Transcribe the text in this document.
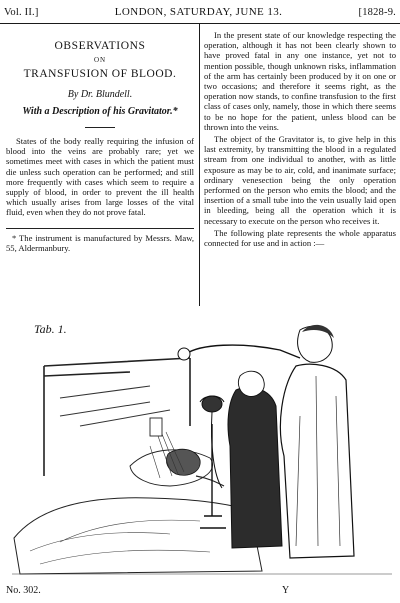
Vol. II.]	LONDON, SATURDAY, JUNE 13.	[1828-9.
OBSERVATIONS
ON
TRANSFUSION OF BLOOD.
By Dr. Blundell.
With a Description of his Gravitator.*

States of the body really requiring the infusion of blood into the veins are probably rare; yet we sometimes meet with cases in which the patient must die unless such operation can be performed; and still more frequently with cases which seem to require a supply of blood, in order to prevent the ill health which usually arises from large losses of the vital fluid, even when they do not prove fatal.

* The instrument is manufactured by Messrs. Maw, 55, Aldermanbury.

In the present state of our knowledge respecting the operation, although it has not been clearly shown to have proved fatal in any one instance, yet not to mention possible, though unknown risks, inflammation of the arm has certainly been produced by it on one or two occasions; and therefore it seems right, as the operation now stands, to confine transfusion to the first class of cases only, namely, those in which there seems to be no hope for the patient, unless blood can be thrown into the veins.

The object of the Gravitator is, to give help in this last extremity, by transmitting the blood in a regulated stream from one individual to another, with as little exposure as may be to air, cold, and inanimate surface; ordinary venesection being the only operation performed on the person who emits the blood; and the insertion of a small tube into the vein usually laid open in bleeding, being all the operation which it is necessary to execute on the person who receives it.

The following plate represents the whole apparatus connected for use and in action :—

Tab. 1.
No. 302.	Y
